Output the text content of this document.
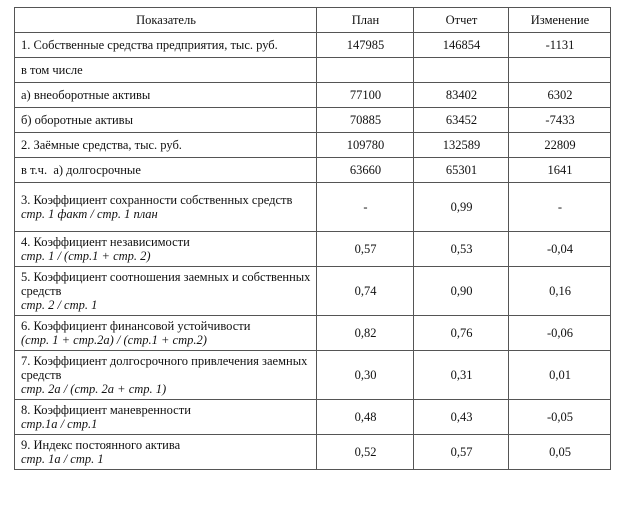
Показатель	План	Отчет	Изменение

1. Собственные средства предприятия, тыс. руб.	147985	146854	-1131

в том числе			

а) внеоборотные активы	77100	83402	6302

б) оборотные активы	70885	63452	-7433

2. Заёмные средства, тыс. руб.	109780	132589	22809

в т.ч.  а) долгосрочные	63660	65301	1641

3. Коэффициент сохранности собственных средств
стр. 1 факт / стр. 1 план	-	0,99	-

4. Коэффициент независимости
стр. 1 / (стр.1 + стр. 2)	0,57	0,53	-0,04

5. Коэффициент соотношения заемных и собственных средств
стр. 2 / стр. 1	0,74	0,90	0,16

6. Коэффициент финансовой устойчивости
(стр. 1 + стр.2а) / (стр.1 + стр.2)	0,82	0,76	-0,06

7. Коэффициент долгосрочного привлечения заемных средств
стр. 2а / (стр. 2а + стр. 1)	0,30	0,31	0,01

8. Коэффициент маневренности
стр.1а / стр.1	0,48	0,43	-0,05

9. Индекс постоянного актива
стр. 1а / стр. 1	0,52	0,57	0,05
